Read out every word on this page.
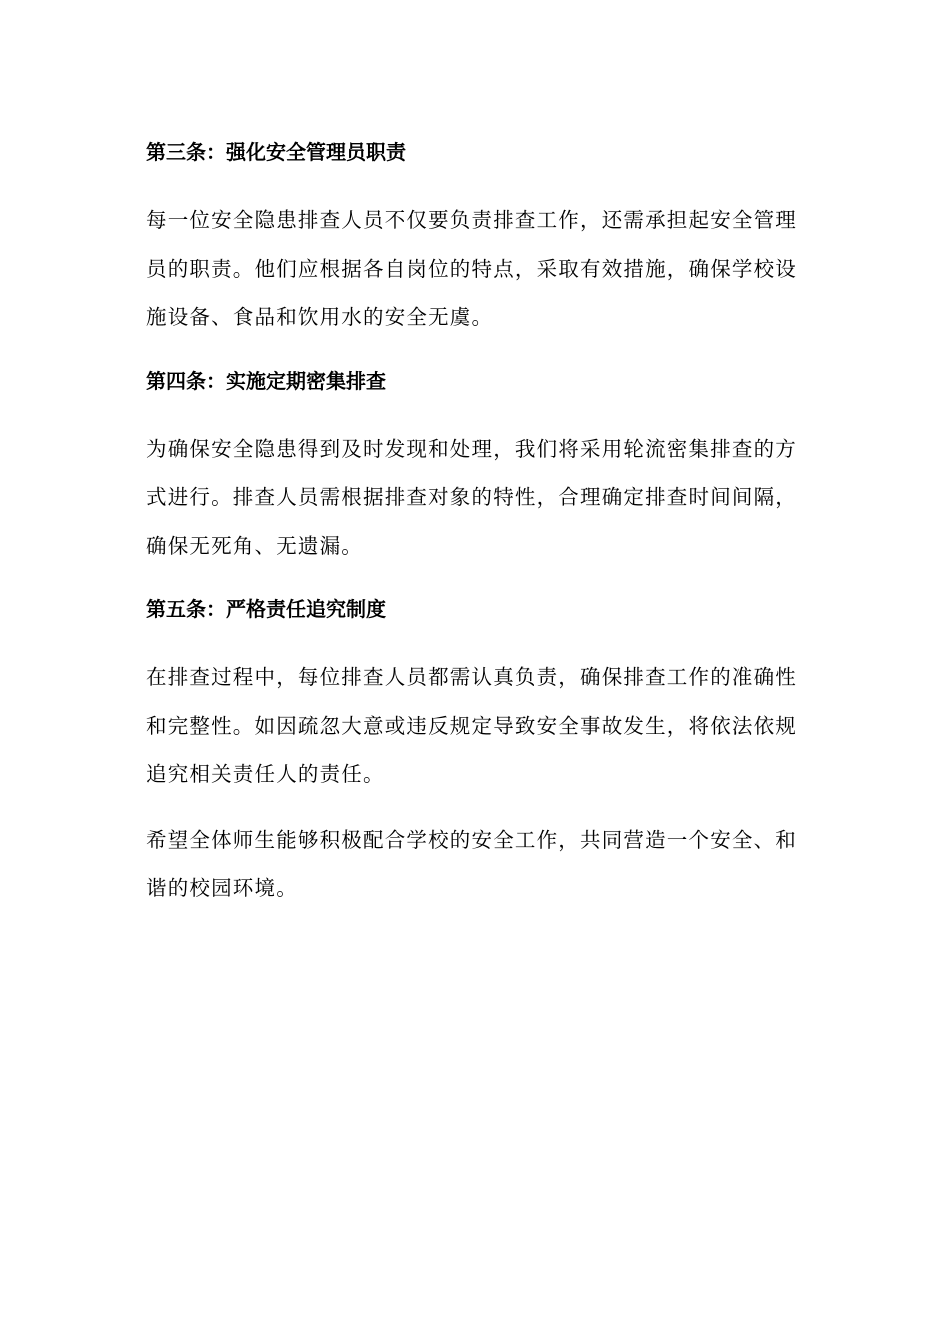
第三条：强化安全管理员职责

每一位安全隐患排查人员不仅要负责排查工作，还需承担起安全管理员的职责。他们应根据各自岗位的特点，采取有效措施，确保学校设施设备、食品和饮用水的安全无虞。

第四条：实施定期密集排查

为确保安全隐患得到及时发现和处理，我们将采用轮流密集排查的方式进行。排查人员需根据排查对象的特性，合理确定排查时间间隔，确保无死角、无遗漏。

第五条：严格责任追究制度

在排查过程中，每位排查人员都需认真负责，确保排查工作的准确性和完整性。如因疏忽大意或违反规定导致安全事故发生，将依法依规追究相关责任人的责任。

希望全体师生能够积极配合学校的安全工作，共同营造一个安全、和谐的校园环境。
